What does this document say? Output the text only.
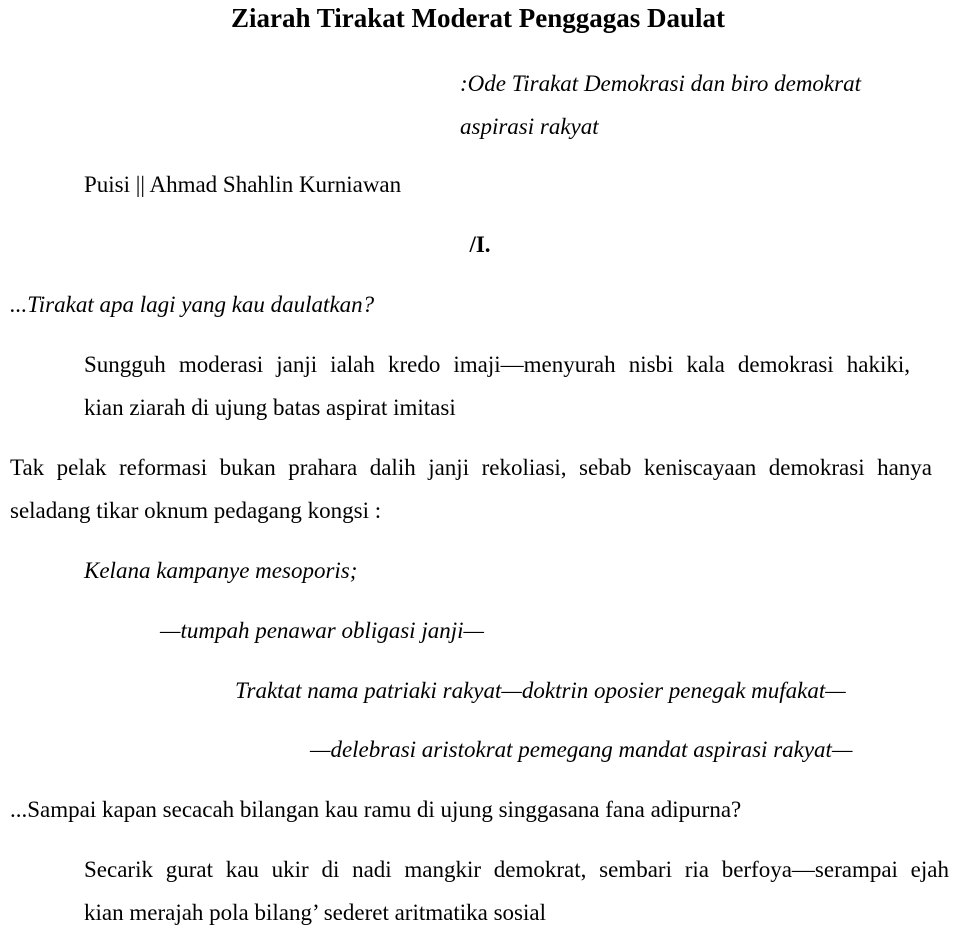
Ziarah Tirakat Moderat Penggagas Daulat
:Ode Tirakat Demokrasi dan biro demokrat
aspirasi rakyat
Puisi || Ahmad Shahlin Kurniawan
/I.
...Tirakat apa lagi yang kau daulatkan?
Sungguh moderasi janji ialah kredo imaji—menyurah nisbi kala demokrasi hakiki,
kian ziarah di ujung batas aspirat imitasi
Tak pelak reformasi bukan prahara dalih janji rekoliasi, sebab keniscayaan demokrasi hanya
seladang tikar oknum pedagang kongsi :
Kelana kampanye mesoporis;
—tumpah penawar obligasi janji—
Traktat nama patriaki rakyat—doktrin oposier penegak mufakat—
—delebrasi aristokrat pemegang mandat aspirasi rakyat—
...Sampai kapan secacah bilangan kau ramu di ujung singgasana fana adipurna?
Secarik gurat kau ukir di nadi mangkir demokrat, sembari ria berfoya—serampai ejah
kian merajah pola bilang’ sederet aritmatika sosial
